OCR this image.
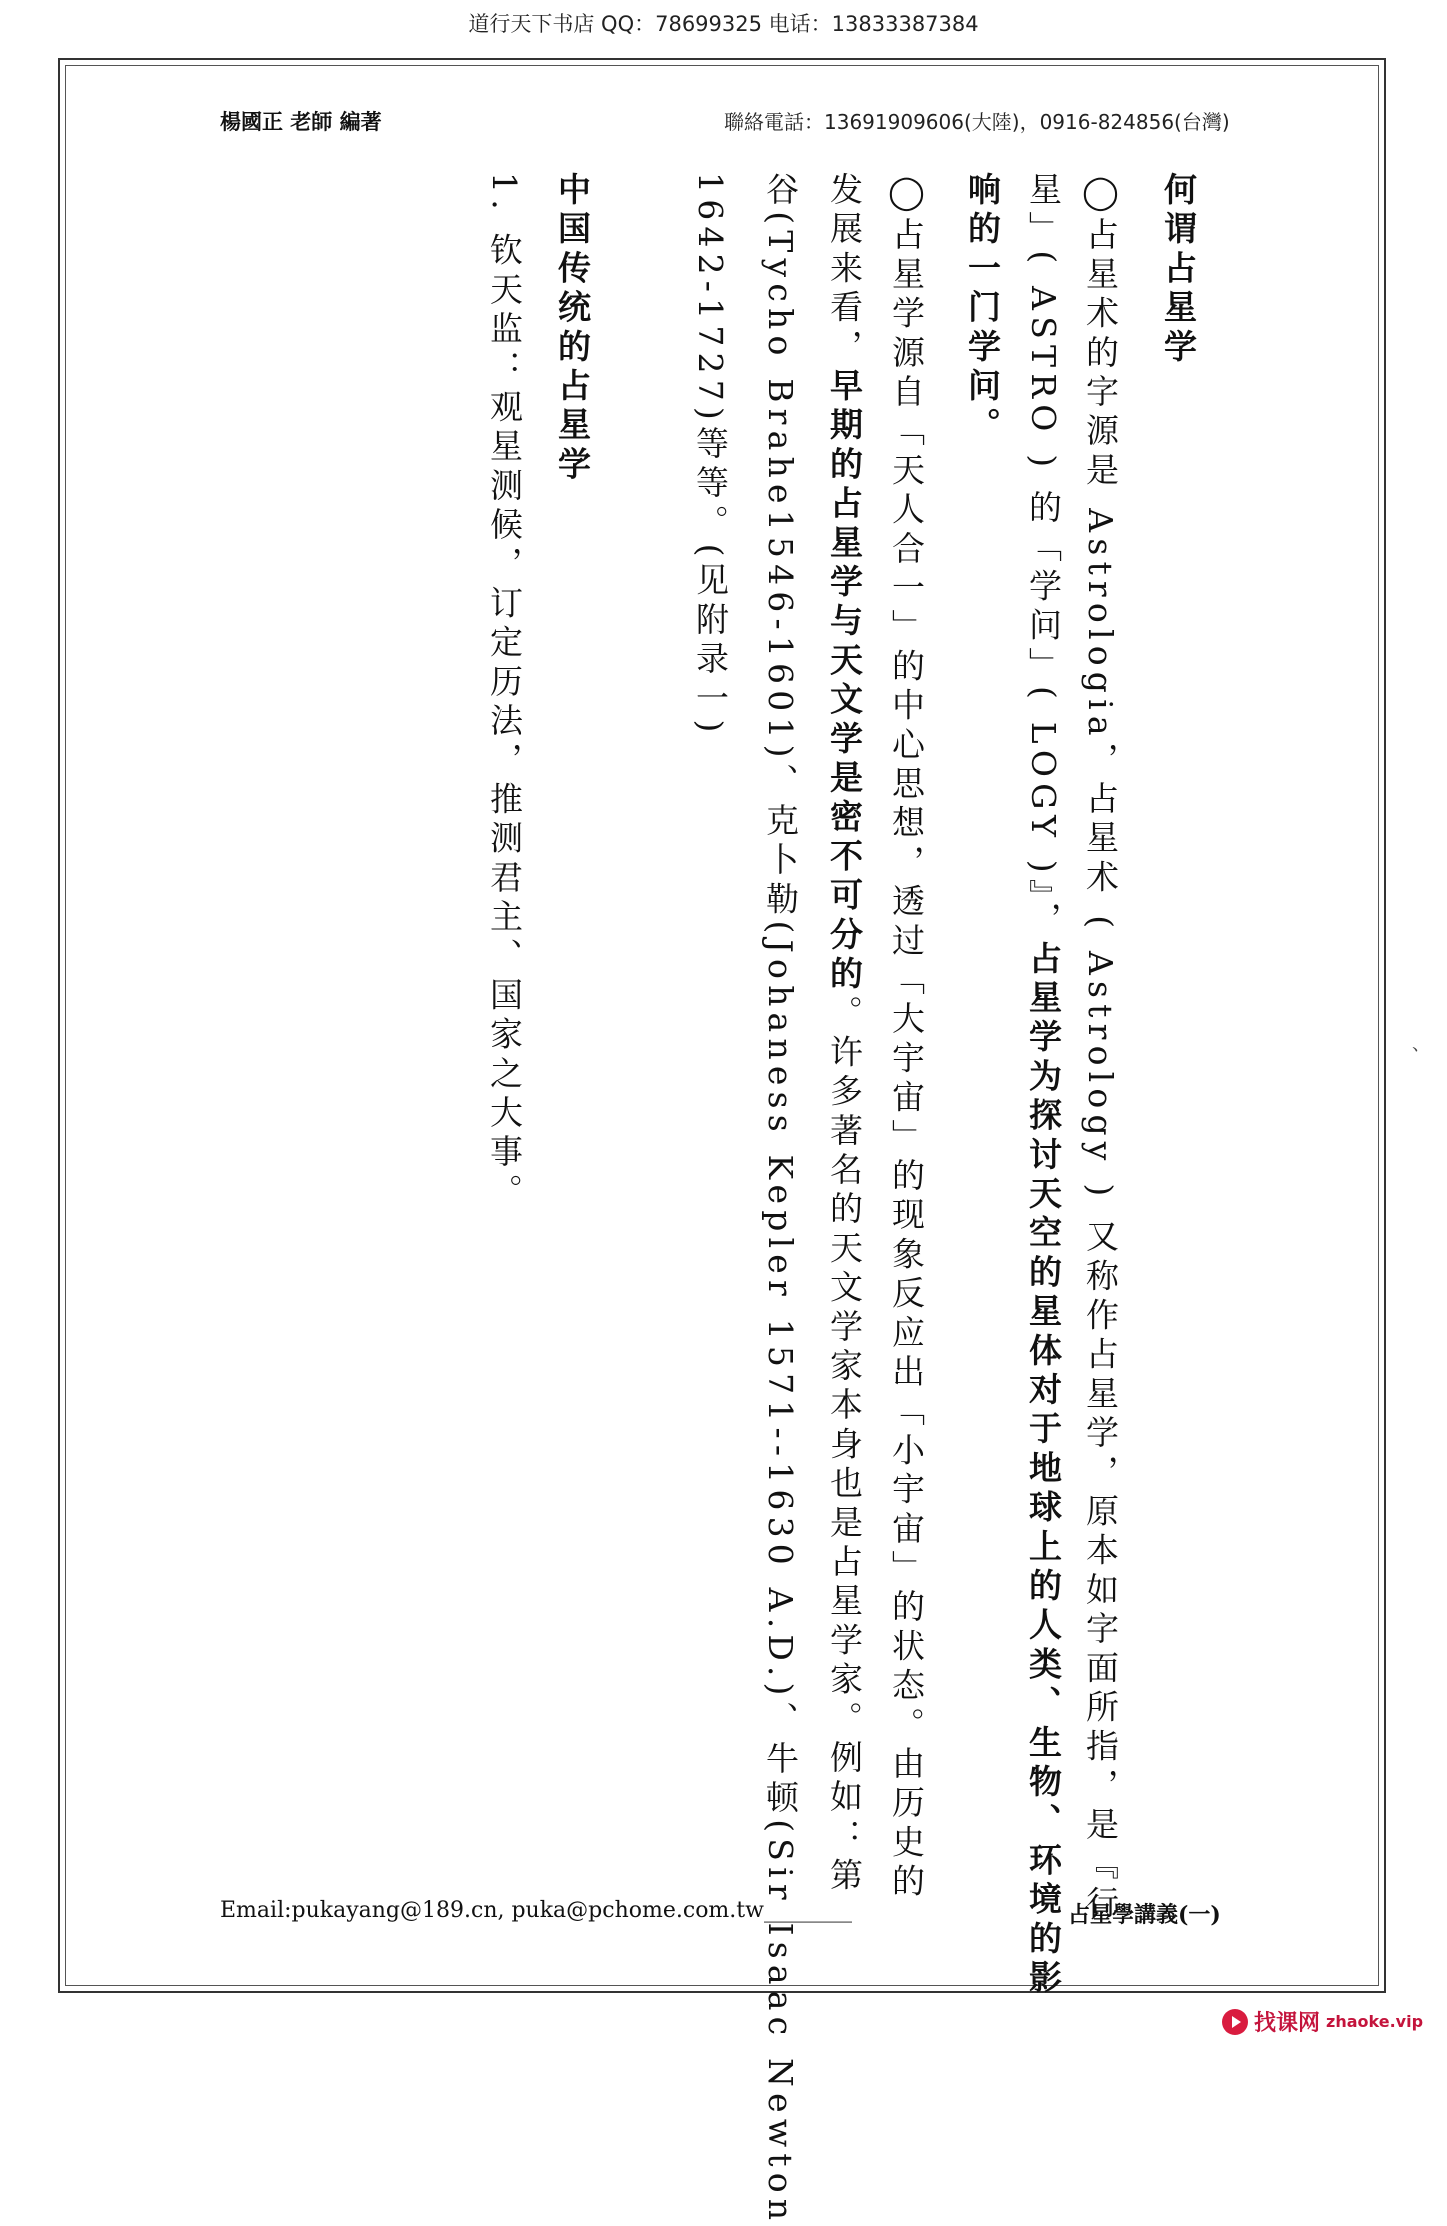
道行天下书店 QQ：78699325 电话：13833387384
楊國正 老師 編著	聯絡電話：13691909606(大陸)，0916-824856(台灣)
何谓占星学
◯占星术的字源是 Astrologia，占星术 ( Astrology ) 又称作占星学，原本如字面所指，是『行
星」( ASTRO ) 的「学问」( LOGY )』，占星学为探讨天空的星体对于地球上的人类、生物、环境的影
响的一门学问。
◯占星学源自「天人合一」的中心思想，透过「大宇宙」的现象反应出「小宇宙」的状态。由历史的
发展来看，早期的占星学与天文学是密不可分的。许多著名的天文学家本身也是占星学家。例如：第
谷(Tycho Brahe1546-1601)、克卜勒(Johaness Kepler 1571--1630 A.D.)、牛顿(Sir Isaac Newton
1642-1727)等等。(见附录一)
中国传统的占星学
1. 钦天监：观星测候，订定历法，推测君主、国家之大事。	、
Email:pukayang@189.cn, puka@pchome.com.tw________	占星學講義(一)
找课网 zhaoke.vip
